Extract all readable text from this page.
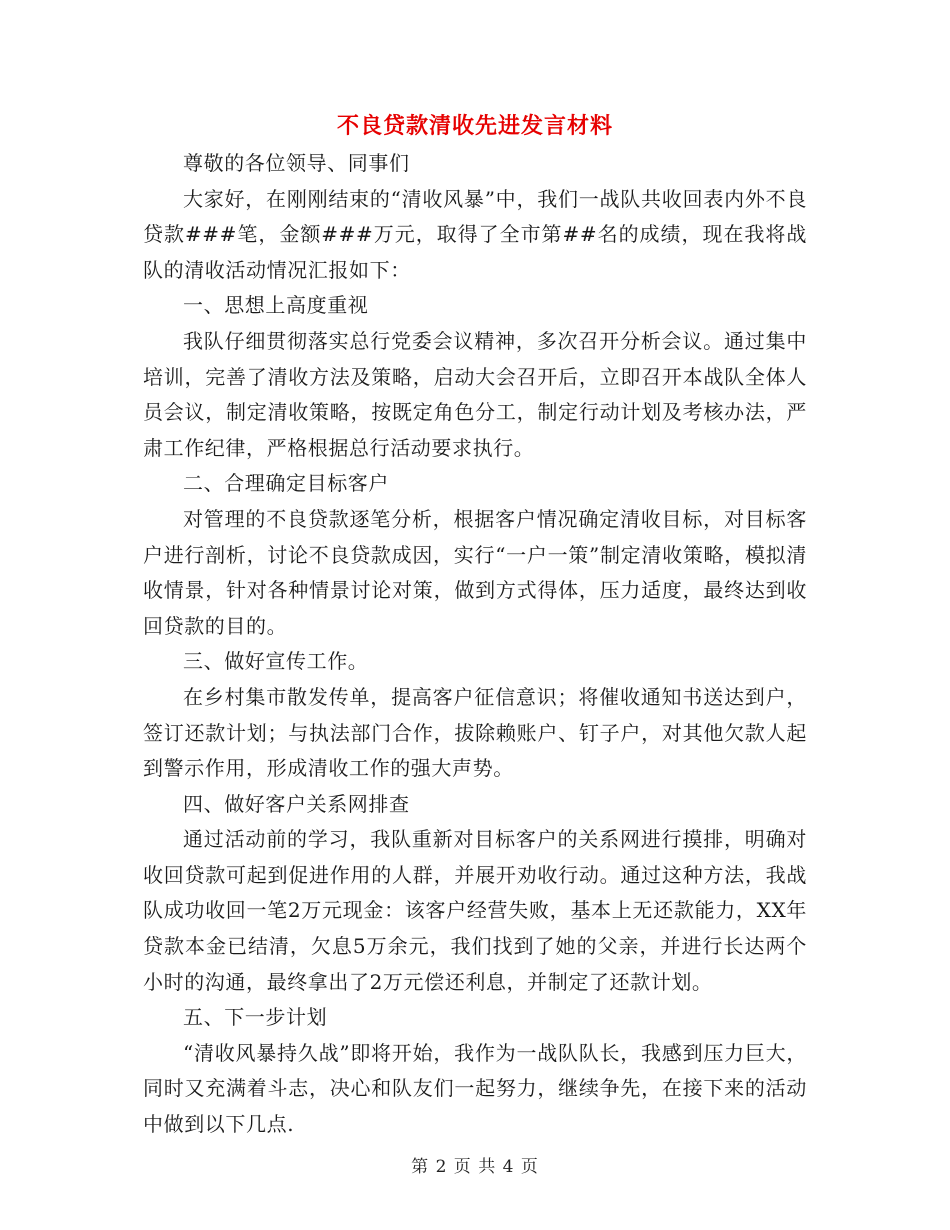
不良贷款清收先进发言材料

尊敬的各位领导、同事们

大家好，在刚刚结束的“清收风暴”中，我们一战队共收回表内外不良贷款###笔，金额###万元，取得了全市第##名的成绩，现在我将战队的清收活动情况汇报如下：

一、思想上高度重视

我队仔细贯彻落实总行党委会议精神，多次召开分析会议。通过集中培训，完善了清收方法及策略，启动大会召开后，立即召开本战队全体人员会议，制定清收策略，按既定角色分工，制定行动计划及考核办法，严肃工作纪律，严格根据总行活动要求执行。

二、合理确定目标客户

对管理的不良贷款逐笔分析，根据客户情况确定清收目标，对目标客户进行剖析，讨论不良贷款成因，实行“一户一策”制定清收策略，模拟清收情景，针对各种情景讨论对策，做到方式得体，压力适度，最终达到收回贷款的目的。

三、做好宣传工作。

在乡村集市散发传单，提高客户征信意识；将催收通知书送达到户，签订还款计划；与执法部门合作，拔除赖账户、钉子户，对其他欠款人起到警示作用，形成清收工作的强大声势。

四、做好客户关系网排查

通过活动前的学习，我队重新对目标客户的关系网进行摸排，明确对收回贷款可起到促进作用的人群，并展开劝收行动。通过这种方法，我战队成功收回一笔2万元现金：该客户经营失败，基本上无还款能力，XX年贷款本金已结清，欠息5万余元，我们找到了她的父亲，并进行长达两个小时的沟通，最终拿出了2万元偿还利息，并制定了还款计划。

五、下一步计划

“清收风暴持久战”即将开始，我作为一战队队长，我感到压力巨大，同时又充满着斗志，决心和队友们一起努力，继续争先，在接下来的活动中做到以下几点.

第 2 页 共 4 页
